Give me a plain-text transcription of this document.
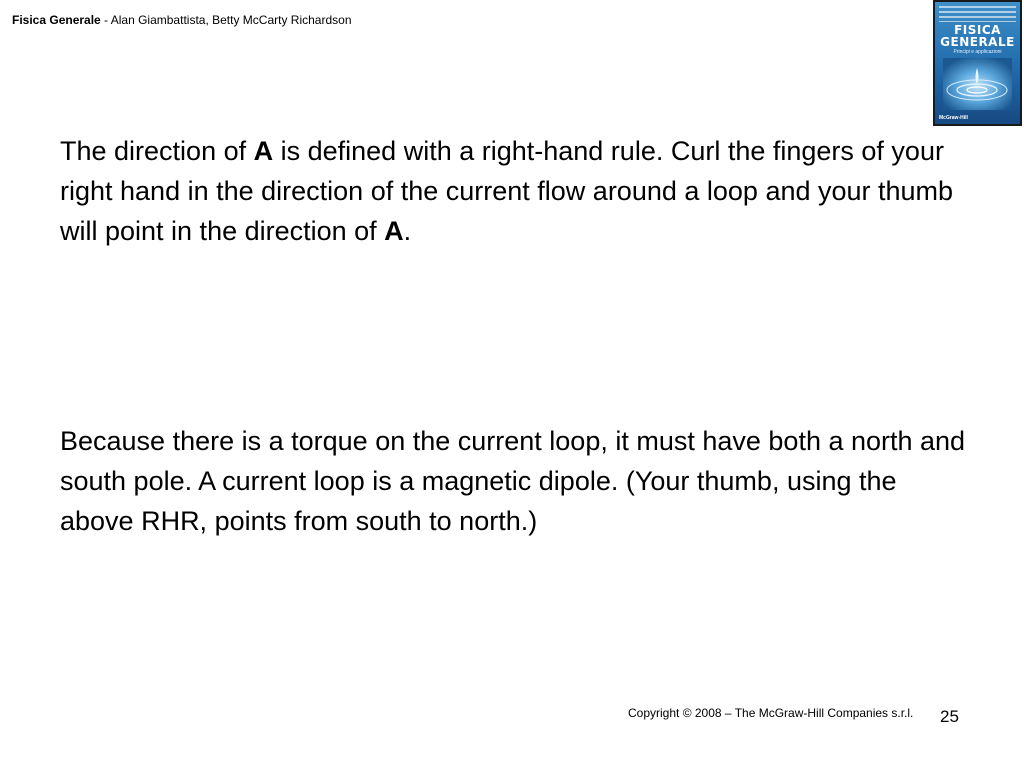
Fisica Generale - Alan Giambattista, Betty McCarty Richardson
FISICA
GENERALE
Principi e applicazioni
McGraw-Hill

The direction of A is defined with a right-hand rule. Curl the fingers of your right hand in the direction of the current flow around a loop and your thumb will point in the direction of A.

Because there is a torque on the current loop, it must have both a north and south pole. A current loop is a magnetic dipole. (Your thumb, using the above RHR, points from south to north.)

Copyright © 2008 – The McGraw-Hill Companies s.r.l. 25
